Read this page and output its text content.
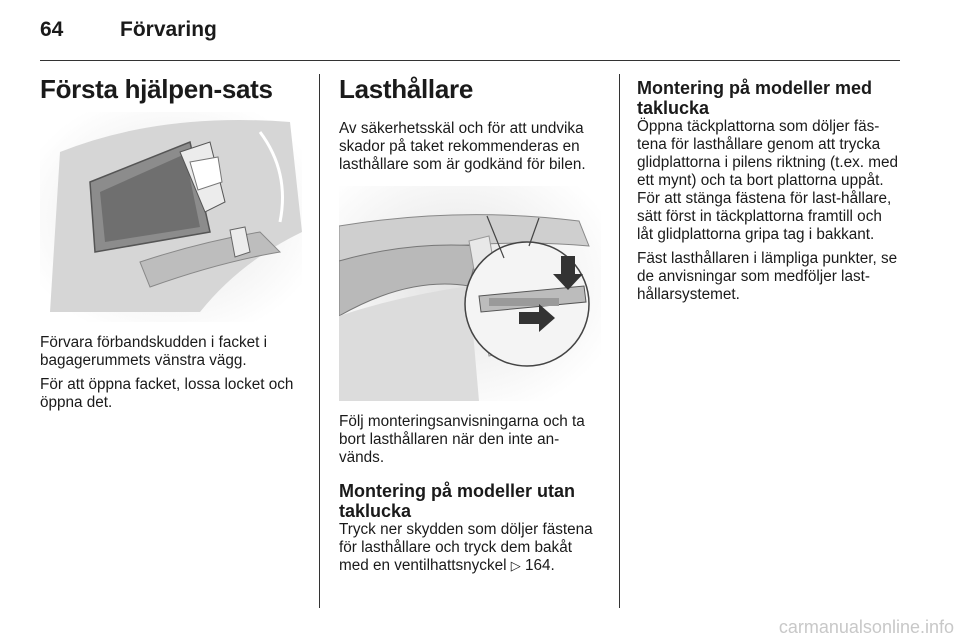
64	Förvaring
Första hjälpen-sats

Förvara förbandskudden i facket i bagagerummets vänstra vägg.

För att öppna facket, lossa locket och öppna det.

Lasthållare

Av säkerhetsskäl och för att undvika skador på taket rekommenderas en lasthållare som är godkänd för bilen.

Följ monteringsanvisningarna och ta bort lasthållaren när den inte an-vänds.

Montering på modeller utan taklucka

Tryck ner skydden som döljer fästena för lasthållare och tryck dem bakåt med en ventilhattsnyckel ▷ 164.

Montering på modeller med taklucka

Öppna täckplattorna som döljer fäs-tena för lasthållare genom att trycka glidplattorna i pilens riktning (t.ex. med ett mynt) och ta bort plattorna uppåt. För att stänga fästena för last-hållare, sätt först in täckplattorna framtill och låt glidplattorna gripa tag i bakkant.

Fäst lasthållaren i lämpliga punkter, se de anvisningar som medföljer last-hållarsystemet.

carmanualsonline.info
